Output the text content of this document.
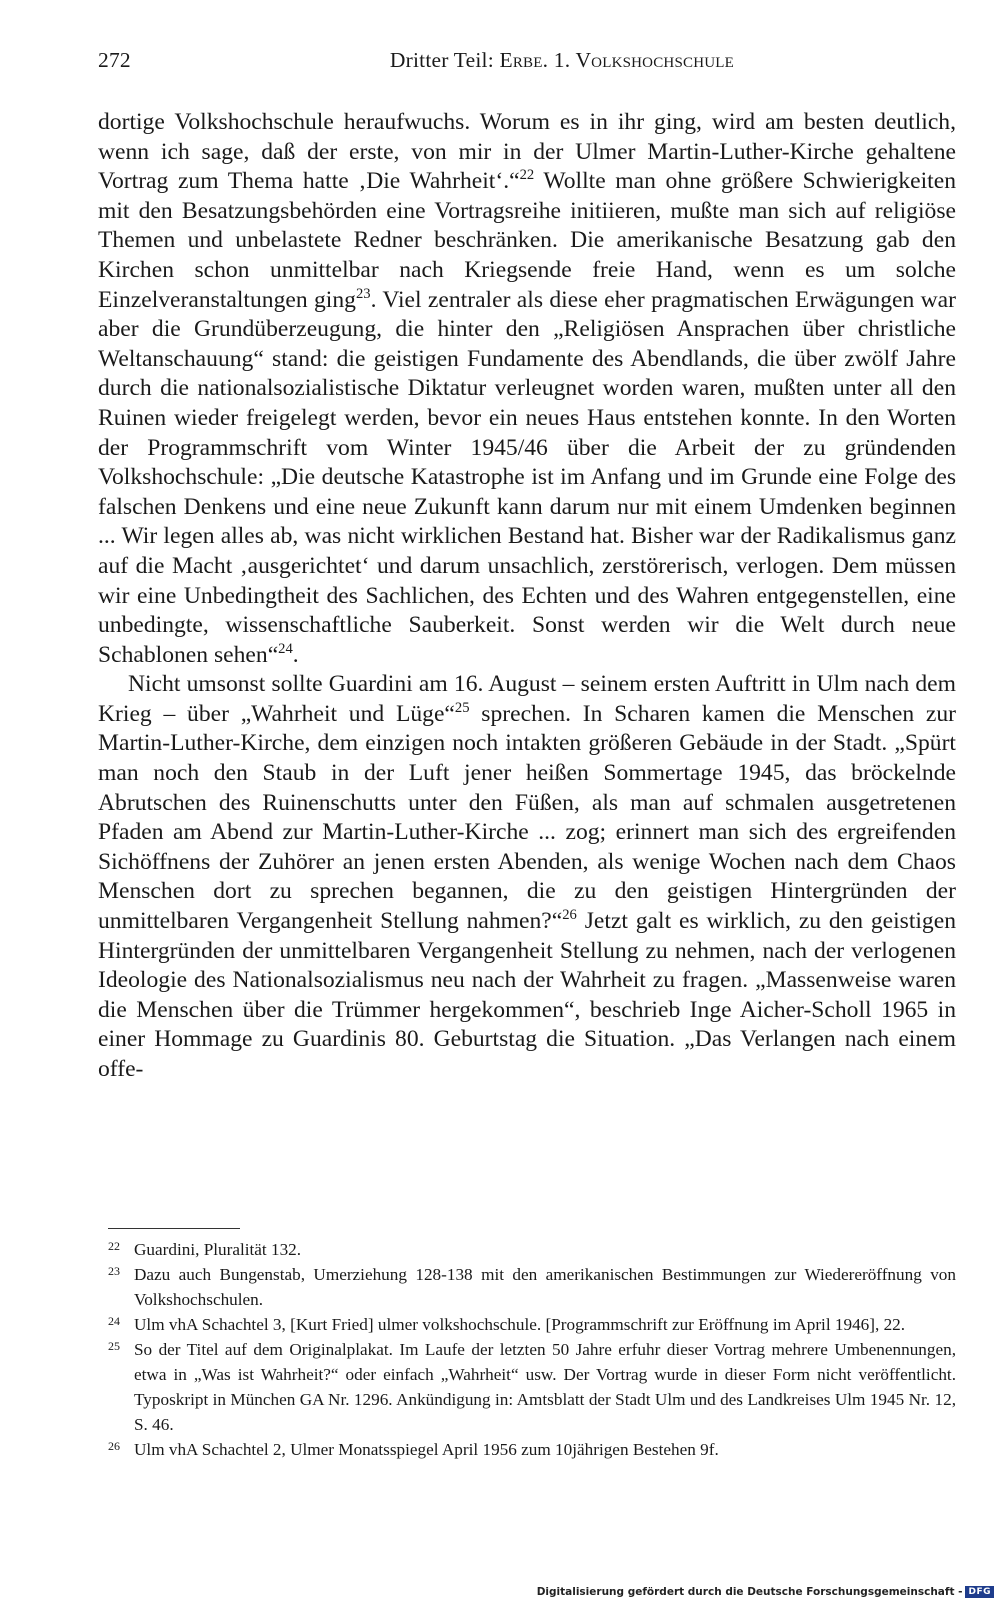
272	Dritter Teil: Erbe. 1. Volkshochschule

dortige Volkshochschule heraufwuchs. Worum es in ihr ging, wird am besten deutlich, wenn ich sage, daß der erste, von mir in der Ulmer Martin-Luther-Kirche gehaltene Vortrag zum Thema hatte ‚Die Wahrheit‘.“$^{22}$ Wollte man ohne größere Schwierigkeiten mit den Besatzungsbehörden eine Vortragsreihe initiieren, mußte man sich auf religiöse Themen und unbelastete Redner beschränken. Die amerikanische Besatzung gab den Kirchen schon unmittelbar nach Kriegsende freie Hand, wenn es um solche Einzelveranstaltungen ging$^{23}$. Viel zentraler als diese eher pragmatischen Erwägungen war aber die Grundüberzeugung, die hinter den „Religiösen Ansprachen über christliche Weltanschauung“ stand: die geistigen Fundamente des Abendlands, die über zwölf Jahre durch die nationalsozialistische Diktatur verleugnet worden waren, mußten unter all den Ruinen wieder freigelegt werden, bevor ein neues Haus entstehen konnte. In den Worten der Programmschrift vom Winter 1945/46 über die Arbeit der zu gründenden Volkshochschule: „Die deutsche Katastrophe ist im Anfang und im Grunde eine Folge des falschen Denkens und eine neue Zukunft kann darum nur mit einem Umdenken beginnen ... Wir legen alles ab, was nicht wirklichen Bestand hat. Bisher war der Radikalismus ganz auf die Macht ‚ausgerichtet‘ und darum unsachlich, zerstörerisch, verlogen. Dem müssen wir eine Unbedingtheit des Sachlichen, des Echten und des Wahren entgegenstellen, eine unbedingte, wissenschaftliche Sauberkeit. Sonst werden wir die Welt durch neue Schablonen sehen“$^{24}$.

Nicht umsonst sollte Guardini am 16. August – seinem ersten Auftritt in Ulm nach dem Krieg – über „Wahrheit und Lüge“$^{25}$ sprechen. In Scharen kamen die Menschen zur Martin-Luther-Kirche, dem einzigen noch intakten größeren Gebäude in der Stadt. „Spürt man noch den Staub in der Luft jener heißen Sommertage 1945, das bröckelnde Abrutschen des Ruinenschutts unter den Füßen, als man auf schmalen ausgetretenen Pfaden am Abend zur Martin-Luther-Kirche ... zog; erinnert man sich des ergreifenden Sichöffnens der Zuhörer an jenen ersten Abenden, als wenige Wochen nach dem Chaos Menschen dort zu sprechen begannen, die zu den geistigen Hintergründen der unmittelbaren Vergangenheit Stellung nahmen?“$^{26}$ Jetzt galt es wirklich, zu den geistigen Hintergründen der unmittelbaren Vergangenheit Stellung zu nehmen, nach der verlogenen Ideologie des Nationalsozialismus neu nach der Wahrheit zu fragen. „Massenweise waren die Menschen über die Trümmer hergekommen“, beschrieb Inge Aicher-Scholl 1965 in einer Hommage zu Guardinis 80. Geburtstag die Situation. „Das Verlangen nach einem offe-

22 Guardini, Pluralität 132.

23 Dazu auch Bungenstab, Umerziehung 128-138 mit den amerikanischen Bestimmungen zur Wiedereröffnung von Volkshochschulen.

24 Ulm vhA Schachtel 3, [Kurt Fried] ulmer volkshochschule. [Programmschrift zur Eröffnung im April 1946], 22.

25 So der Titel auf dem Originalplakat. Im Laufe der letzten 50 Jahre erfuhr dieser Vortrag mehrere Umbenennungen, etwa in „Was ist Wahrheit?“ oder einfach „Wahrheit“ usw. Der Vortrag wurde in dieser Form nicht veröffentlicht. Typoskript in München GA Nr. 1296. Ankündigung in: Amtsblatt der Stadt Ulm und des Landkreises Ulm 1945 Nr. 12, S. 46.

26 Ulm vhA Schachtel 2, Ulmer Monatsspiegel April 1956 zum 10jährigen Bestehen 9f.

Digitalisierung gefördert durch die Deutsche Forschungsgemeinschaft - DFG
